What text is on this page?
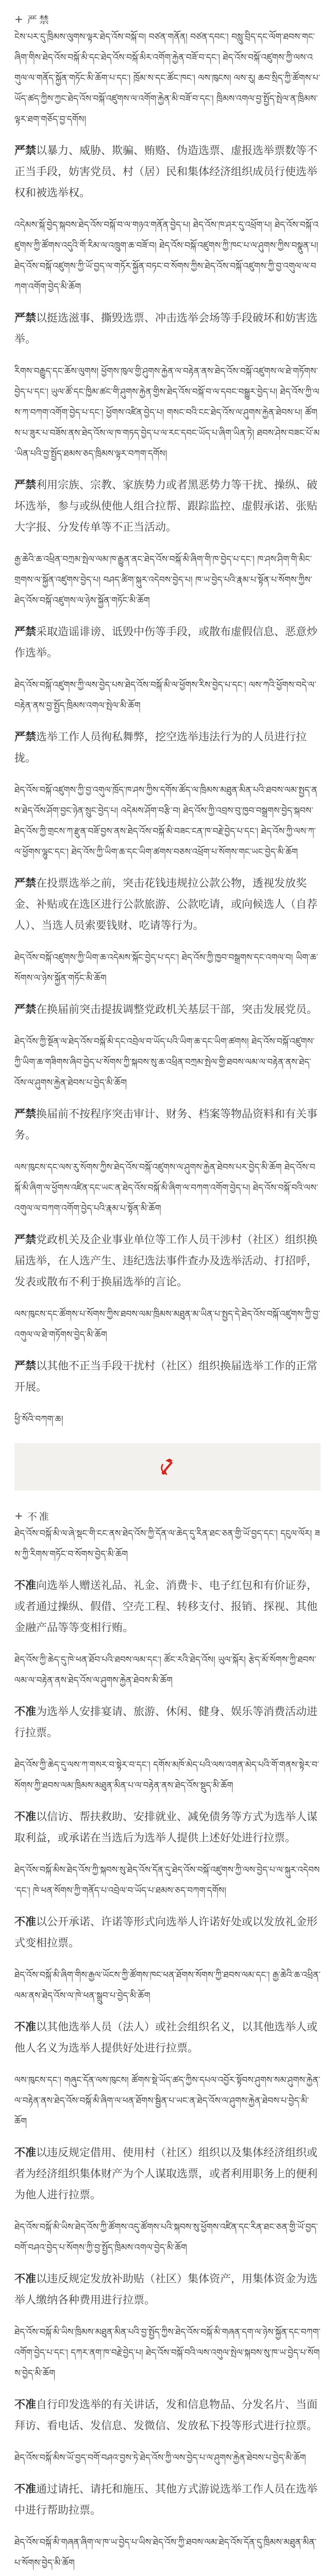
+ 严禁

ངེས་པར་དུ་ཁྲིམས་ལུགས་ལྟར་ཐེད་འོས་བསྐོ་བ། བཙན་གནོན། བཙན་དབང་། བསླུ་བྲིད་དང་ལོག་ཐབས་གང་ཞིག་གིས་ཐེད་འོས་བསྐོ་མི་དང་ཐེད་འོས་བསྐོ་མིར་འགོག་རྐྱེན་བཟོ་བ་དང་། ཐེད་འོས་བསྐོ་འཛུགས་ཀྱི་ལས་འགུལ་ལ་གནོད་སྐྱོན་གཏོང་མི་ཆོག་པ་དང་། ཁྲོམ་ས་དང་ཚོང་ཁང་། ལས་ཁུངས། ལས་རུ། ཆབ་སྲིད་ཀྱི་ཚོགས་པ་ཡོད་ཚད་ཀྱིས་ཀྱང་ཐེད་འོས་བསྐོ་འཛུགས་ལ་འགོག་རྐྱེན་མི་བཟོ་བ་དང་། ཁྲིམས་འགལ་བྱ་སྤྱོད་སྤེལ་ན་ཁྲིམས་ལྟར་ཐག་གཅོད་བྱ་དགོས།

严禁以暴力、威胁、欺骗、贿赂、伪造选票、虚报选举票数等不正当手段，妨害党员、村（居）民和集体经济组织成员行使选举权和被选举权。

འདེམས་སྐོ་བྱེད་སྐབས་ཐེད་འོས་བསྐོ་བ་ལ་གཉའ་གནོན་བྱེད་པ། ཐེད་འོས་ཁ་ཤར་དུ་འཕྲོག་པ། ཐེད་འོས་བསྐོ་འཛུགས་ཀྱི་ཚོགས་འདུའི་གོ་རིམ་ལ་འཁྲུག་ཆ་བཟོ་བ། ཐེད་འོས་བསྐོ་འཛུགས་ཀྱི་ཁང་པ་ལ་ཤུགས་ཀྱིས་བསྣུན་པ། ཐེད་འོས་བསྐོ་འཛུགས་ཀྱི་ཡོ་བྱད་ལ་གཏོར་སྐྱོན་བཏང་བ་སོགས་ཀྱིས་ཐེད་འོས་བསྐོ་འཛུགས་ཀྱི་བྱ་འགུལ་ལ་བཀག་འགོག་བྱེད་མི་ཆོག

严禁以挺选滋事、撕毁选票、冲击选举会场等手段破坏和妨害选举。

རིགས་བརྒྱུད་དང་ཆོས་ལུགས། ཕྱོགས་ཁུལ་གྱི་ཤུགས་རྐྱེན་ལ་བརྟེན་ནས་ཐེད་འོས་བསྐོ་འཛུགས་ལ་ཐེ་གཏོགས་བྱེད་པ་དང་། ཡུལ་ཚོ་དང་ཁྱིམ་ཚང་གི་ཤུགས་རྐྱེན་གྱིས་ཐེད་འོས་བསྐོ་བ་ལ་དབང་བསྒྱུར་བྱེད་པ། ཐེད་འོས་ཀྱི་ལས་ཀ་བཀག་འགོག་བྱེད་པ་དང་། ཕྱོགས་འཛིན་བྱེད་པ། གསང་བའི་ངང་ཐེད་འོས་ལ་ཤུགས་རྐྱེན་ཐེབས་པ། ཚོགས་པ་ཟུར་པ་བཟོས་ནས་ཐེད་འོས་ལ་ཁ་གཏད་བྱེད་པ་ལ་རང་དབང་ཡོད་པ་ཞིག་ཡིན་ཏེ། ཐབས་ཤེས་བཟང་པོ་མ་ཡིན་པའི་བྱ་སྤྱོད་ཐམས་ཅད་ཁྲིམས་ལྟར་བཀག་དགོས།

严禁利用宗族、宗教、家族势力或者黑恶势力等干扰、操纵、破坏选举，参与或纵使他人组合拉帮、跟踪监控、虚假承诺、张贴大字报、分发传单等不正当活动。

རྒྱ་ཆེའི་ཆ་འཕྲིན་བཀྲམ་སྤེལ་ལམ་ཁ་རྒྱུན་ནང་ཐེད་འོས་བསྐོ་མི་ཞིག་གི་ཁ་བྱེད་པ་དང་། ཁ་ཤས་ཤིག་གི་མིང་གྲགས་ལ་སྐྱོན་འཛུགས་བྱེད་པ། བཤད་ཚིག་སྐུར་འདེབས་བྱེད་པ། ཁ་ཡ་བྱེད་པའི་རྣམ་པ་སྟོན་པ་སོགས་ཀྱིས་ཐེད་འོས་བསྐོ་འཛུགས་ལ་ཉེས་སྐྱོན་གཏོང་མི་ཆོག

严禁采取造谣诽谤、诋毁中伤等手段，或散布虚假信息、恶意炒作选举。

ཐེད་འོས་བསྐོ་འཛུགས་ཀྱི་ལས་བྱེད་པས་ཐེད་འོས་བསྐོ་མི་ལ་ཕྱོགས་རིས་བྱེད་པ་དང་། ལས་ཀའི་ཕྱོགས་བདེ་ལ་བརྟེན་ནས་བྱ་སྤྱོད་ཁྲིམས་འགལ་སྤེལ་མི་ཆོག

严禁选举工作人员徇私舞弊，挖空选举违法行为的人员进行拉拢。

ཐེད་འོས་བསྐོ་འཛུགས་ཀྱི་བྱ་འགུལ་ཁྲོད་ཁ་ཤས་ཀྱིས་དགོས་ཚོད་ལ་ཁྲིམས་མཐུན་མིན་པའི་ཐབས་ལམ་སྤྱད་ནས་ཐེད་འོས་ཤོག་བྱང་ཉེན་སྲུང་བྱེད་པ། འདེམས་ཤོག་བརྩི་བ། ཐེད་འོས་ཀྱི་འབྲས་བུ་ཁྱབ་བསྒྲགས་བྱེད་སྐབས་ཐེད་འོས་ཀྱི་གྲངས་ཀ་རྫུན་བཟོ་བྱས་ནས་ཐེད་འོས་བསྐོ་མི་བཟང་ངན་ཁ་བརྗེ་བྱེད་པ་དང་། ཐེད་འོས་ཀྱི་ལས་ཀ་ལ་ཕྱོགས་ལྷུང་དང་། ཐེད་འོས་ཀྱི་ཡིག་ཆ་དང་ཡིག་ཚགས་བཅས་འཕྲོག་པ་སོགས་གང་ཡང་བྱེད་མི་ཆོག

严禁在投票选举之前，突击花钱违规拉公款公物，透视发放奖金、补贴或在选区进行公款旅游、公款吃请，或向候选人（自荐人）、当选人员索要钱财、吃请等行为。

ཐེད་འོས་བསྐོ་འཛུགས་ཀྱི་ཡིག་ཆ་འདེམས་སྐོང་བྱེད་པ་དང་། ཐེད་འོས་ཀྱི་ཁྱབ་བསྒྲགས་དང་འགལ་བ། ཡིག་ཆ་སོགས་ལ་ཉེས་སྐྱོན་གཏོང་མི་ཆོག

严禁在换届前突击提拔调整党政机关基层干部，突击发展党员。

ཐེད་འོས་ཀྱི་སྔོན་ལ་ཐེད་འོས་བསྐོ་མི་དང་འབྲེལ་བ་ཡོད་པའི་ཡིག་ཆ་དང་ཡིག་ཚགས། ཐེད་འོས་བསྐོ་འཛུགས་ཀྱི་ཡིག་ཆ་གཟིགས་ཞིབ་བྱེད་པ་སོགས་ཀྱི་སྐབས་སུ་ཆ་འཕྲིན་བཀྲམ་སྤེལ་གྱི་ཐབས་ལམ་ལ་བརྟེན་ནས་ཐེད་འོས་ལ་ཤུགས་རྐྱེན་ཐེབས་པ་བྱེད་མི་ཆོག

严禁换届前不按程序突击审计、财务、档案等物品资料和有关事务。

ལས་ཁུངས་དང་ལས་རུ་སོགས་ཀྱིས་ཐེད་འོས་བསྐོ་འཛུགས་ལ་ཤུགས་རྐྱེན་ཐེབས་པར་བྱེད་མི་ཆོག ཐེད་འོས་བསྐོ་མི་ཞིག་ལ་ཕྱོགས་འཛིན་དང་ཡང་ན་ཐེད་འོས་བསྐོ་མི་ཞིག་ལ་བཀག་འགོག་བྱེད་པ། ཐེད་འོས་བསྐོ་བའི་ལས་འགུལ་ལ་བཀག་འགོག་བྱེད་པའི་རྣམ་པ་སྟོན་མི་ཆོག

严禁党政机关及企业事业单位等工作人员干涉村（社区）组织换届选举，在人选产生、违纪选法事件查办及选举活动、打招呼，发表或散布不利于换届选举的言论。

ལས་ཁུངས་དང་ཚོགས་པ་སོགས་ཀྱིས་ཐབས་ལམ་ཁྲིམས་མཐུན་མ་ཡིན་པ་སྤྱད་དེ་ཐེད་འོས་བསྐོ་འཛུགས་ཀྱི་བྱ་འགུལ་ལ་ཐེ་གཏོགས་བྱེད་མི་ཆོག

严禁以其他不正当手段干扰村（社区）组织换届选举工作的正常开展。

ཕྱི་སོའི་བཀག་ཆ།
+ 不准

ཐེད་འོས་བསྐོ་མི་ལ་ཞེ་སྡང་གི་ངང་ནས་ཐེད་འོས་ཀྱི་དོན་ལ་ཆེད་དུ་རིན་ཐང་ཅན་གྱི་ཡོ་བྱད་དང་། དངུལ་ལོར། ཟས་ཀྱི་རིགས་གཏོང་བ་སོགས་བྱེད་མི་ཆོག

不准向选举人赠送礼品、礼金、消费卡、电子红包和有价证券，或者通过操纵、假借、空壳工程、转移支付、报销、探视、其他金融产品等等变相行贿。

ཐེད་འོས་ཀྱི་ཆེད་དུ་ཁེ་ཕན་ཐོབ་པའི་ཐབས་ལམ་དང་། ཚོང་རའི་ཐེད་འོས། ཡུལ་སྐོར། རྩེད་མོ་སོགས་ཀྱི་ཐབས་ལམ་ལ་བརྟེན་ནས་ཐེད་འོས་ལ་ཤུགས་རྐྱེན་ཐེབས་མི་ཆོག

不准为选举人安排宴请、旅游、休闲、健身、娱乐等消费活动进行拉票。

ཐེད་འོས་ཀྱི་ཆེད་དུ་ལས་ཀ་གསར་བ་སྟེར་བ་དང་། དགོས་མཁོ་མེད་པའི་ལས་འགན་མེད་པའི་གོ་གནས་སྟེར་བ་སོགས་ཀྱི་ཐབས་ལམ་ཁྲིམས་མཐུན་མིན་པ་ལ་བརྟེན་ནས་ཐེད་འོས་སྡུད་མི་ཆོག

不准以信访、帮扶救助、安排就业、减免债务等方式为选举人谋取利益，或承诺在当选后为选举人提供上述好处进行拉票。

ཐེད་འོས་བསྐོ་མིས་ཐེད་འོས་ཀྱི་སྐབས་སུ་ཐེད་འོས་དོན་དུ་ཐེད་འོས་བསྐོ་འཛུགས་ཀྱི་ལས་བྱེད་པ་ལ་སྐུར་འདེབས་དང་། ཁེ་ཕན་སོགས་ཀྱི་གནོད་པ་འབྲེལ་བ་ཡོད་པ་ཐམས་ཅད་བཀག་དགོས།

不准以公开承诺、许诺等形式向选举人许诺好处或以发放礼金形式变相拉票。

ཐེད་འོས་བསྐོ་མི་ཞིག་གིས་རྒྱལ་ཡོངས་ཀྱི་ཚོགས་ཁང་ཕན་ཐོགས་སོགས་ཀྱི་ཐབས་ལམ་དང་། རྒྱ་ཆེའི་ཆ་འཕྲིན་ལམ་ནས་ཐེད་འོས་ལ་ཁེ་ཕན་སྒྲུབ་པ་བྱེད་མི་ཆོག

不准以其他选举人员（法人）或社会组织名义，以其他选举人或他人名义为选举人提供好处进行拉票。

ལས་ཁུངས་དང་། གཞུང་དོན་ལས་ཁུངས། ཚོགས་སྡེ་ཡོད་ཚད་ཀྱིས་དཔལ་འབྱོར་སྟོབས་ཤུགས་སམ་ཤུགས་རྐྱེན་ལ་བརྟེན་ནས་ཐེད་འོས་བསྐོ་མི་ཞིག་ལ་ཕན་ཐོགས་སྦྱིན་པ་ཡང་ན་ཐེད་འོས་ལ་ཤུགས་རྐྱེན་ཐེབས་པ་བྱེད་མི་ཆོག

不准以违反规定借用、使用村（社区）组织以及集体经济组织或者为经济组织集体财产为个人谋取选票，或者利用职务上的便利为他人进行拉票。

ཐེད་འོས་བསྐོ་མི་ཡིས་ཐེད་འོས་ཀྱི་ཚོགས་འདུ་ཚོགས་པའི་སྐབས་སུ་ཕྱོགས་འཛིན་དང་རིན་ཐང་ཅན་གྱི་ཡོ་བྱད་བགོ་བཤའ་བྱེད་པ་སོགས་ཀྱི་བྱ་སྤྱོད་ཁྲིམས་འགལ་བྱེད་མི་ཆོག

不准以违反规定发放补助贴（社区）集体资产，用集体资金为选举人缴纳各种费用进行拉票。

ཐེད་འོས་བསྐོ་མི་ཡིས་ཁྲིམས་མཐུན་མིན་པའི་བྱ་སྤྱོད་ཀྱིས་ཐེད་འོས་བསྐོ་མི་གཞན་དག་ལ་ཉེས་སྐྱོན་དང་བཀག་འགོག་བྱེད་པ་དང་། དཀར་ནག་ཁ་བརྗེ་བྱེད་པ། ཐེད་འོས་བསྐོ་བའི་ལས་འགུལ་སྤེལ་སྐབས་སུ་ཁ་ཡ་བྱེད་པ་སོགས་བྱེད་མི་ཆོག

不准自行印发选举的有关讲话，发和信息物品、分发名片、当面拜访、看电话、发信息、发微信、发放私下投等形式进行拉票。

ཐེད་འོས་བསྐོ་མིས་ཡོ་བྱད་བགོ་བཤའ་བྱས་ཏེ་ཐེད་འོས་ཀྱི་ལས་བྱེད་པ་ལ་ཤུགས་རྐྱེན་ཐེབས་པ་བྱེད་མི་ཆོག

不准通过请托、请托和施压、其他方式游说选举工作人员在选举中进行帮助拉票。

ཐེད་འོས་བསྐོ་མི་གཞན་ཞིག་ལ་ཁ་ཡ་བྱེད་པ་ཡིས་ཐེད་འོས་ཀྱི་ཐབས་ལམ་ཐེད་འོས་དོན་དུ་ཁྲིམས་མཐུན་མིན་པ་སོགས་བྱེད་མི་ཆོག
